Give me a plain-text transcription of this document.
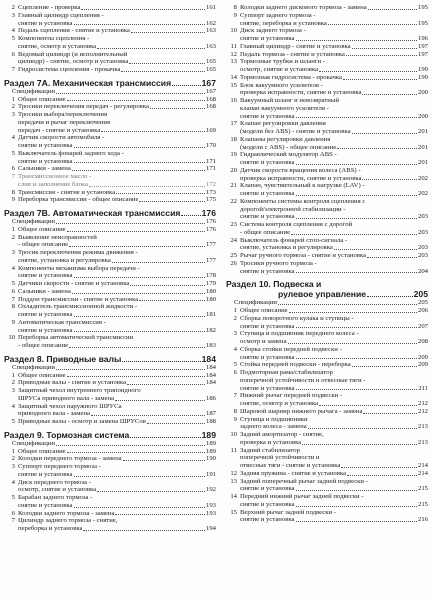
2 Сцепление - проверка	161
3 Главный цилиндр сцепления -
снятие и установка	162
4 Педаль сцепления - снятие и установка	163
5 Компоненты сцепления -
снятие, осмотр и установка	163
6 Ведомый цилиндр (и исполнительный
цилиндр) - снятие, осмотр и установка	165
7 Гидросистема сцепления - прокачка	165
Раздел 7А. Механическая трансмиссия	167
Спецификации	167
1 Общее описание	168
2 Тросики переключения передач - регулировка	168
3 Тросики выбора/переключения
передачи и рычаг переключения
передач - снятие и установка	169
4 Датчик скорости автомобиля -
снятие и установка	170
5 Выключатель фонарей заднего хода -
снятие и установка	171
6 Сальники - замена	171
7 Трансмиссионное масло -
слив и заполнение блока	172
8 Трансмиссия - снятие и установка	173
9 Переборка трансмиссии - общее описание	175
Раздел 7В. Автоматическая трансмиссия 176
Спецификации	176
1 Общее описание	176
2 Выявление неисправностей
- общее описание	177
3 Тросик переключения режима движения -
снятие, установка и регулировка	177
4 Компоненты механизма выбора передачи -
снятие и установка	178
5 Датчики скорости - снятие и установка	179
6 Сальники - замена	180
7 Поддон трансмиссии - снятие и установка	180
8 Охладитель трансмиссионной жидкости -
снятие и установка	181
9 Автоматическая трансмиссия -
снятие и установка	182
10 Переборка автоматической трансмиссии
- общее описание	183
Раздел 8. Приводные валы	184
Спецификации	184
1 Общее описание	184
2 Приводные валы - снятие и установка	184
3 Защитный чехол внутреннего трипоидного
ШРУСа приводного вала - замена	186
4 Защитный чехол наружного ШРУСа
приводного вала - замена	187
5 Приводные валы - осмотр и замена ШРУСов	188
Раздел 9. Тормозная система	189
Спецификации	189
1 Общее описание	189
2 Колодки переднего тормоза - замена	190
3 Суппорт переднего тормоза -
снятие и установка	191
4 Диск переднего тормоза -
осмотр, снятие и установка	192
5 Барабан заднего тормоза -
снятие и установка	193
6 Колодки заднего тормоза - замена	193
7 Цилиндр заднего тормоза - снятие,
переборка и установка	194
8 Колодки заднего дискового тормоза - замена	195
9 Суппорт заднего тормоза -
снятие, переборка и установка	195
10 Диск заднего тормоза -
снятие и установка	196
11 Главный цилиндр - снятие и установка	197
12 Педаль тормоза - снятие и установка	197
13 Тормозные трубки и шланги -
осмотр, снятие и установка	199
14 Тормозная гидросистема - прокачка	199
15 Блок вакуумного усилителя -
проверка исправности, снятие и установка	200
16 Вакуумный шланг и невозвратный
клапан вакуумного усилителя -
снятие и установка	200
17 Клапан регулировки давления
(модели без ABS) - снятие и установка	201
18 Клапаны регулировки давления
(модели с ABS) - общее описание	201
19 Гидравлический модулятор ABS -
снятие и установка	201
20 Датчик скорости вращения колеса (ABS) -
проверка исправности, снятие и установка	202
21 Клапан, чувствительный к нагрузке (LAV) -
снятие и установка	202
22 Компоненты системы контроля сцепления с
дорогой/электронной стабилизации -
снятие и установка	203
23 Система контроля сцепления с дорогой
- общее описание	203
24 Выключатель фонарей стоп-сигнала -
снятие, установка и регулировка	203
25 Рычаг ручного тормоза - снятие и установка	203
26 Тросики ручного тормоза -
снятие и установка	204
Раздел 10. Подвеска и
рулевое управление	205
Спецификации	205
1 Общее описание	206
2 Сборка поворотного кулака и ступицы -
снятие и установка	207
3 Ступица и подшипник переднего колеса -
осмотр и замена	208
4 Сборка стойки передней подвески -
снятие и установка	209
5 Стойка передней подвески - переборка	209
6 Подмоторная рама/стабилизатор
поперечной устойчивости и отвесные тяги -
снятие и установка	211
7 Нижний рычаг передней подвески -
снятие, осмотр и установка	212
8 Шаровой шарнир нижнего рычага - замена	212
9 Ступица и подшипники
заднего колеса - замена	213
10 Задний амортизатор - снятие,
проверка и установка	213
11 Задний стабилизатор
поперечной устойчивости и
отвесные тяги - снятие и установка	214
12 Задняя пружина - снятие и установка	214
13 Задний поперечный рычаг задней подвески -
снятие и установка	215
14 Передний нижний рычаг задней подвески -
снятие и установка	215
15 Верхний рычаг задней подвески -
снятие и установка	216
